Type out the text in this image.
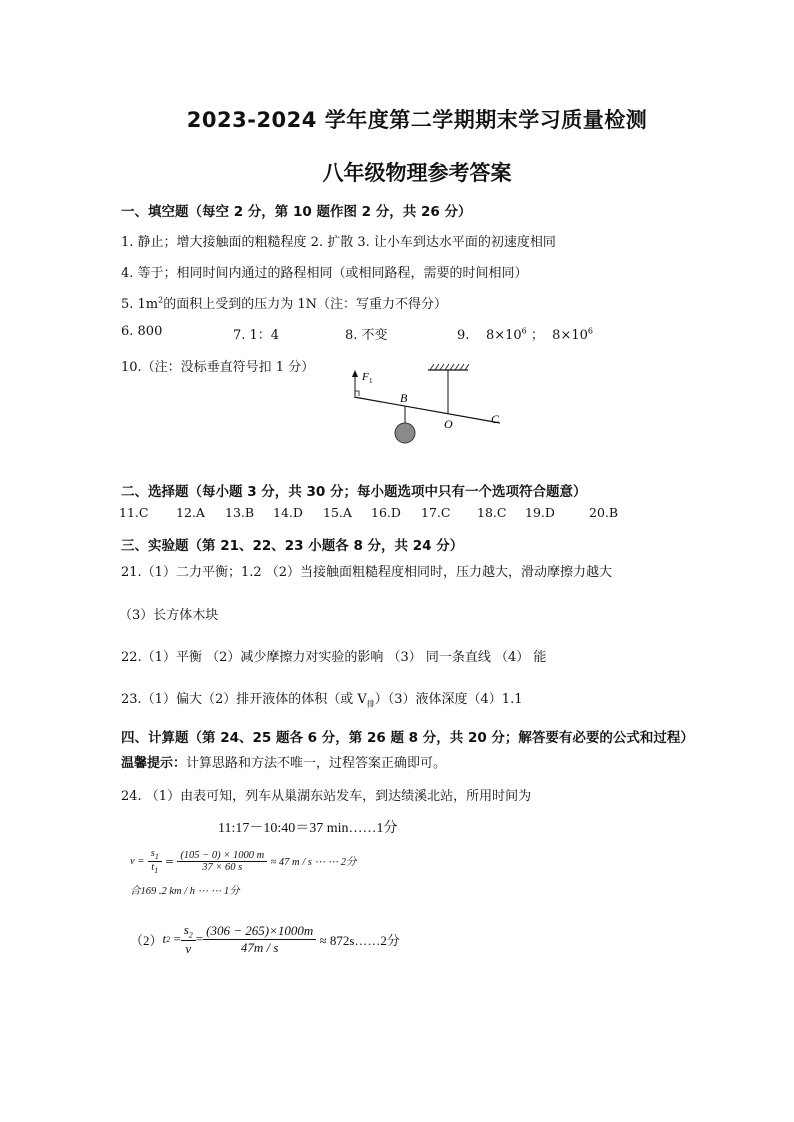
2023-2024 学年度第二学期期末学习质量检测
八年级物理参考答案
一、填空题（每空 2 分，第 10 题作图 2 分，共 26 分）
1. 静止；增大接触面的粗糙程度 2. 扩散 3. 让小车到达水平面的初速度相同
4. 等于；相同时间内通过的路程相同（或相同路程，需要的时间相同）
5. $1m^2$的面积上受到的压力为 1N（注：写重力不得分）
6. 800	7. 1：4	8. 不变	9. $8\times 10^6$ ； $8\times 10^6$
10.（注：没标垂直符号扣 1 分）
F 1
B
O	C
二、选择题（每小题 3 分，共 30 分；每小题选项中只有一个选项符合题意）
11.C 12.A 13.B 14.D 15.A 16.D 17.C 18.C 19.D	20.B
三、实验题（第 21、22、23 小题各 8 分，共 24 分）
21.（1）二力平衡；1.2 （2）当接触面粗糙程度相同时，压力越大，滑动摩擦力越大
（3）长方体木块
22.（1）平衡 （2）减少摩擦力对实验的影响 （3） 同一条直线 （4） 能
23.（1）偏大（2）排开液体的体积（或 $V_排)(3)$液体深度（4）1.1
四、计算题（第 24、25 题各 6 分，第 26 题 8 分，共 20 分；解答要有必要的公式和过程）
温馨提示：计算思路和方法不唯一，过程答案正确即可。
24. （1）由表可知，列车从巢湖东站发车，到达绩溪北站，所用时间为
11:17－10:40＝37 min……1分
v =
$\frac{s_1}{t_1}$
=
$\frac{(105 - 0) \times 1000 m}{37 \times 60 s}$
≈ 47 m / s ⋯ ⋯ 2分
合169 .2 km / h ⋯ ⋯ 1分
（2） t 2
= $\frac{s_2}{v} = \frac{(306 - 265)\times 1000m}{47m / s}$
≈ 872s……2分
